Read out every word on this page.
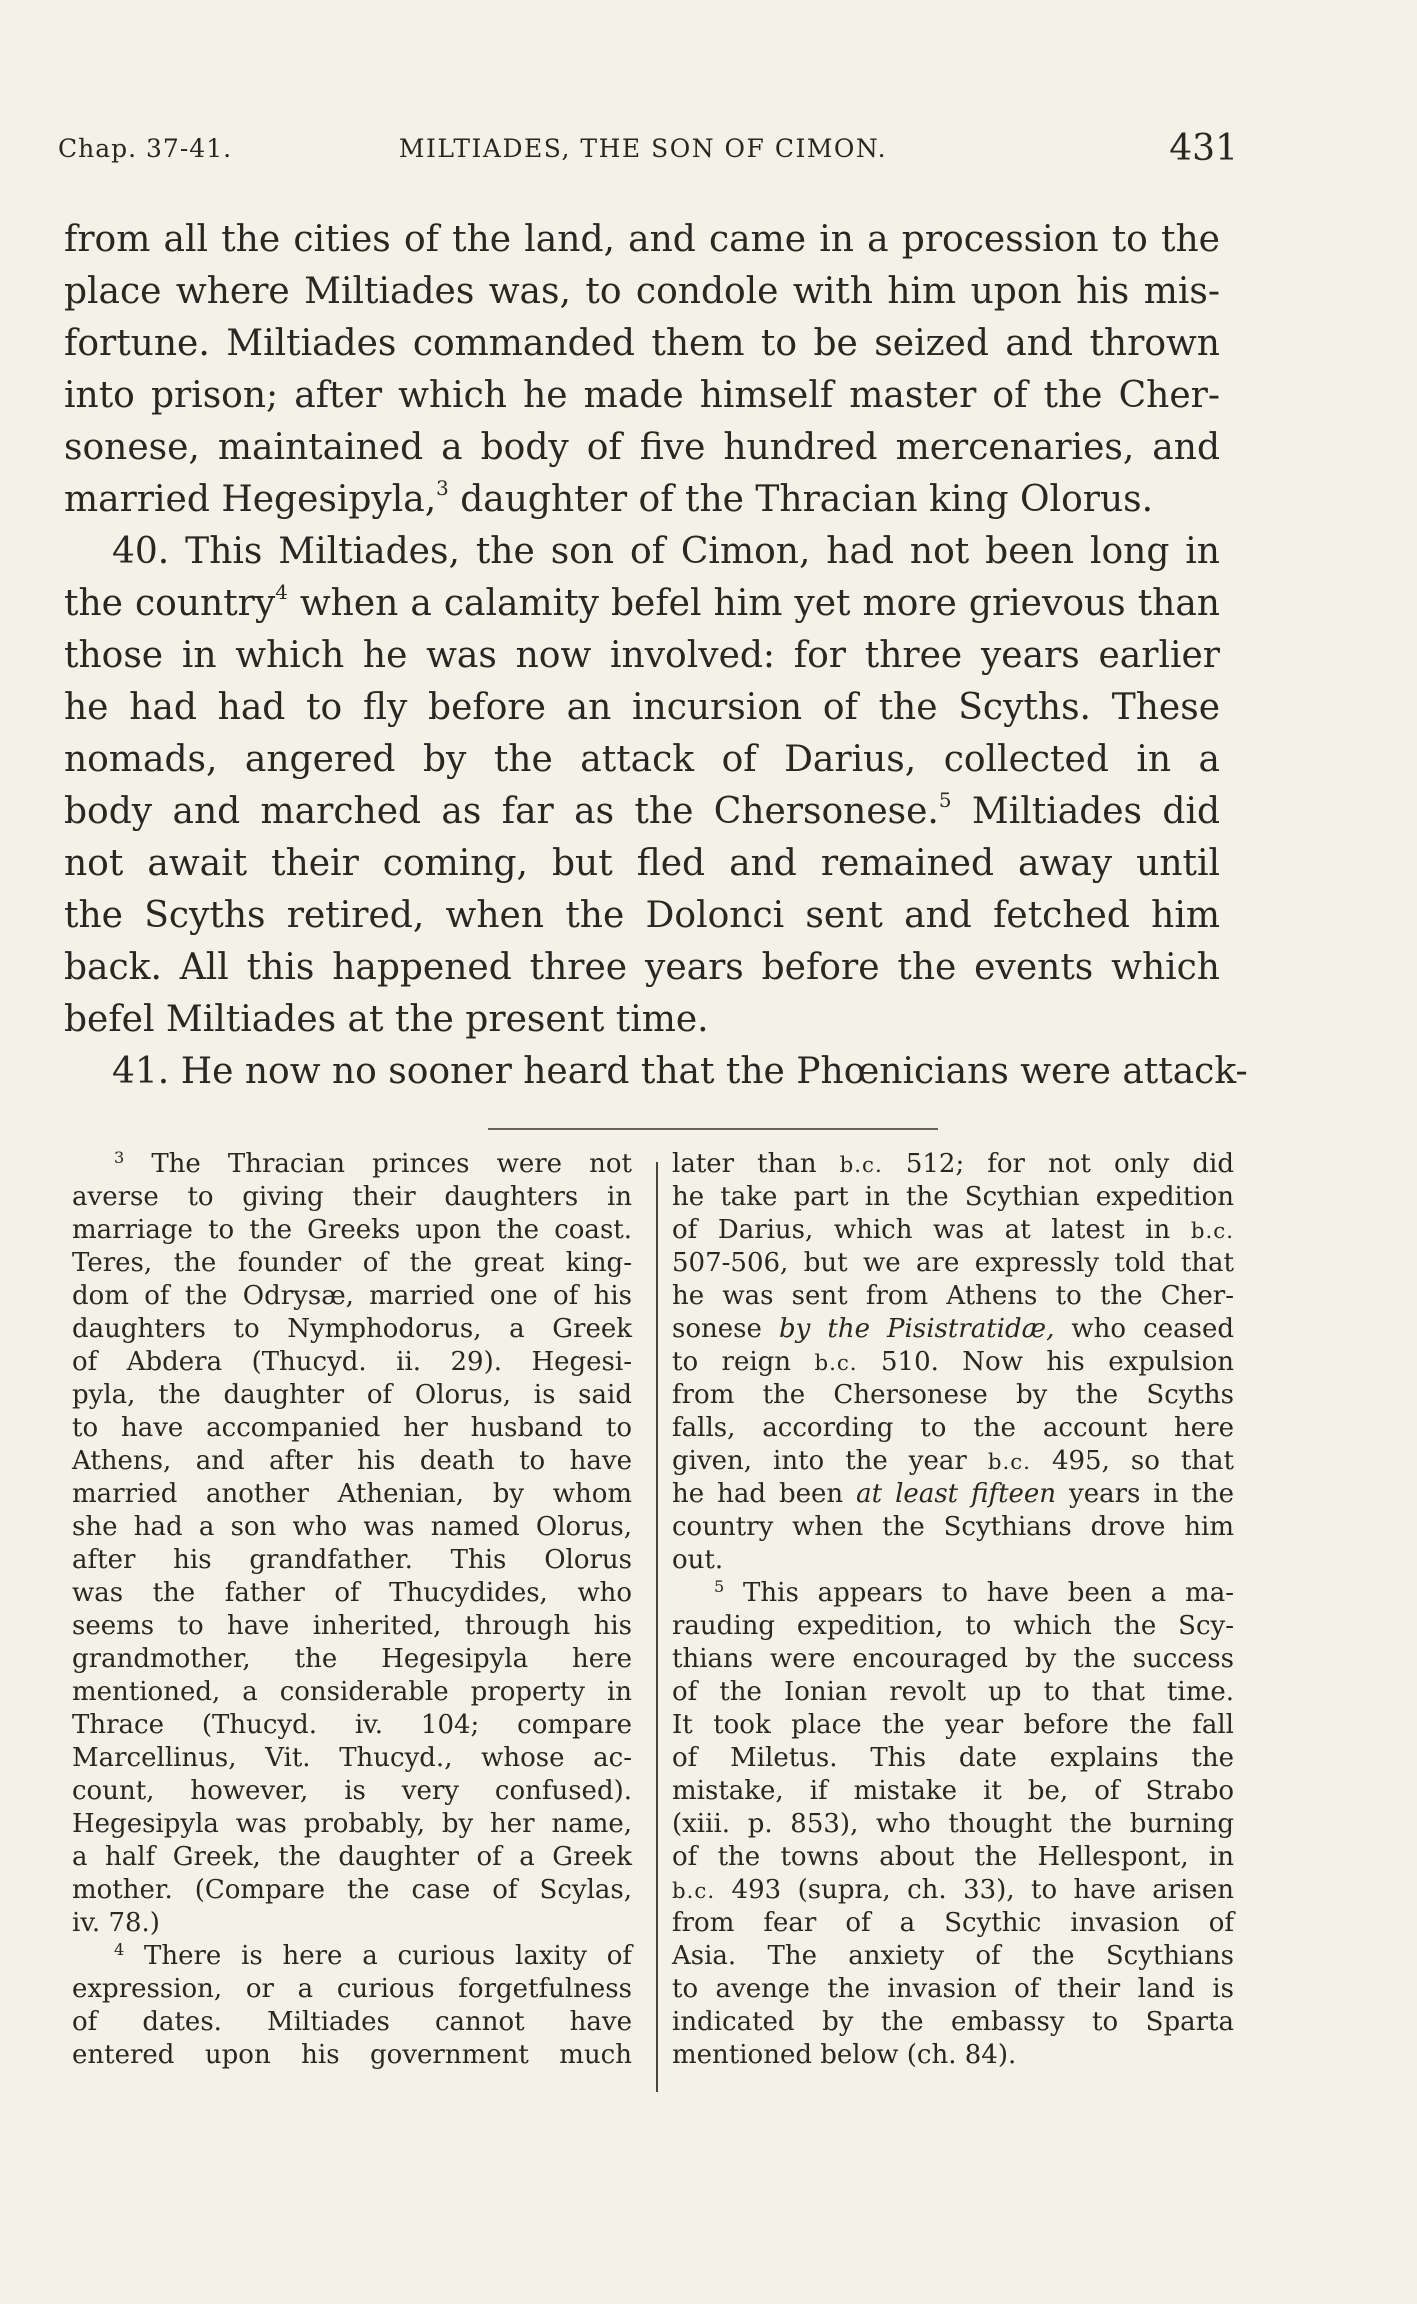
Chap. 37-41.	MILTIADES, THE SON OF CIMON.	431
from all the cities of the land, and came in a procession to the
place where Miltiades was, to condole with him upon his mis-
fortune. Miltiades commanded them to be seized and thrown
into prison; after which he made himself master of the Cher-
sonese, maintained a body of five hundred mercenaries, and
married Hegesipyla,$^3$ daughter of the Thracian king Olorus.
40. This Miltiades, the son of Cimon, had not been long in
the country$^4$ when a calamity befel him yet more grievous than
those in which he was now involved: for three years earlier
he had had to fly before an incursion of the Scyths. These
nomads, angered by the attack of Darius, collected in a
body and marched as far as the Chersonese.$^5$ Miltiades did
not await their coming, but fled and remained away until
the Scyths retired, when the Dolonci sent and fetched him
back. All this happened three years before the events which
befel Miltiades at the present time.
41. He now no sooner heard that the Phœnicians were attack-
$^3$ The Thracian princes were not
averse to giving their daughters in
marriage to the Greeks upon the coast.
Teres, the founder of the great king-
dom of the Odrysæ, married one of his
daughters to Nymphodorus, a Greek
of Abdera (Thucyd. ii. 29). Hegesi-
pyla, the daughter of Olorus, is said
to have accompanied her husband to
Athens, and after his death to have
married another Athenian, by whom
she had a son who was named Olorus,
after his grandfather. This Olorus
was the father of Thucydides, who
seems to have inherited, through his
grandmother, the Hegesipyla here
mentioned, a considerable property in
Thrace (Thucyd. iv. 104; compare
Marcellinus, Vit. Thucyd., whose ac-
count, however, is very confused).
Hegesipyla was probably, by her name,
a half Greek, the daughter of a Greek
mother. (Compare the case of Scylas,
iv. 78.)
$^4$ There is here a curious laxity of
expression, or a curious forgetfulness
of dates. Miltiades cannot have
entered upon his government much
later than b.c. 512; for not only did
he take part in the Scythian expedition
of Darius, which was at latest in b.c.
507-506, but we are expressly told that
he was sent from Athens to the Cher-
sonese by the Pisistratidæ, who ceased
to reign b.c. 510. Now his expulsion
from the Chersonese by the Scyths
falls, according to the account here
given, into the year b.c. 495, so that
he had been at least fifteen years in the
country when the Scythians drove him
out.
$^5$ This appears to have been a ma-
rauding expedition, to which the Scy-
thians were encouraged by the success
of the Ionian revolt up to that time.
It took place the year before the fall
of Miletus. This date explains the
mistake, if mistake it be, of Strabo
(xiii. p. 853), who thought the burning
of the towns about the Hellespont, in
b.c. 493 (supra, ch. 33), to have arisen
from fear of a Scythic invasion of
Asia. The anxiety of the Scythians
to avenge the invasion of their land is
indicated by the embassy to Sparta
mentioned below (ch. 84).
